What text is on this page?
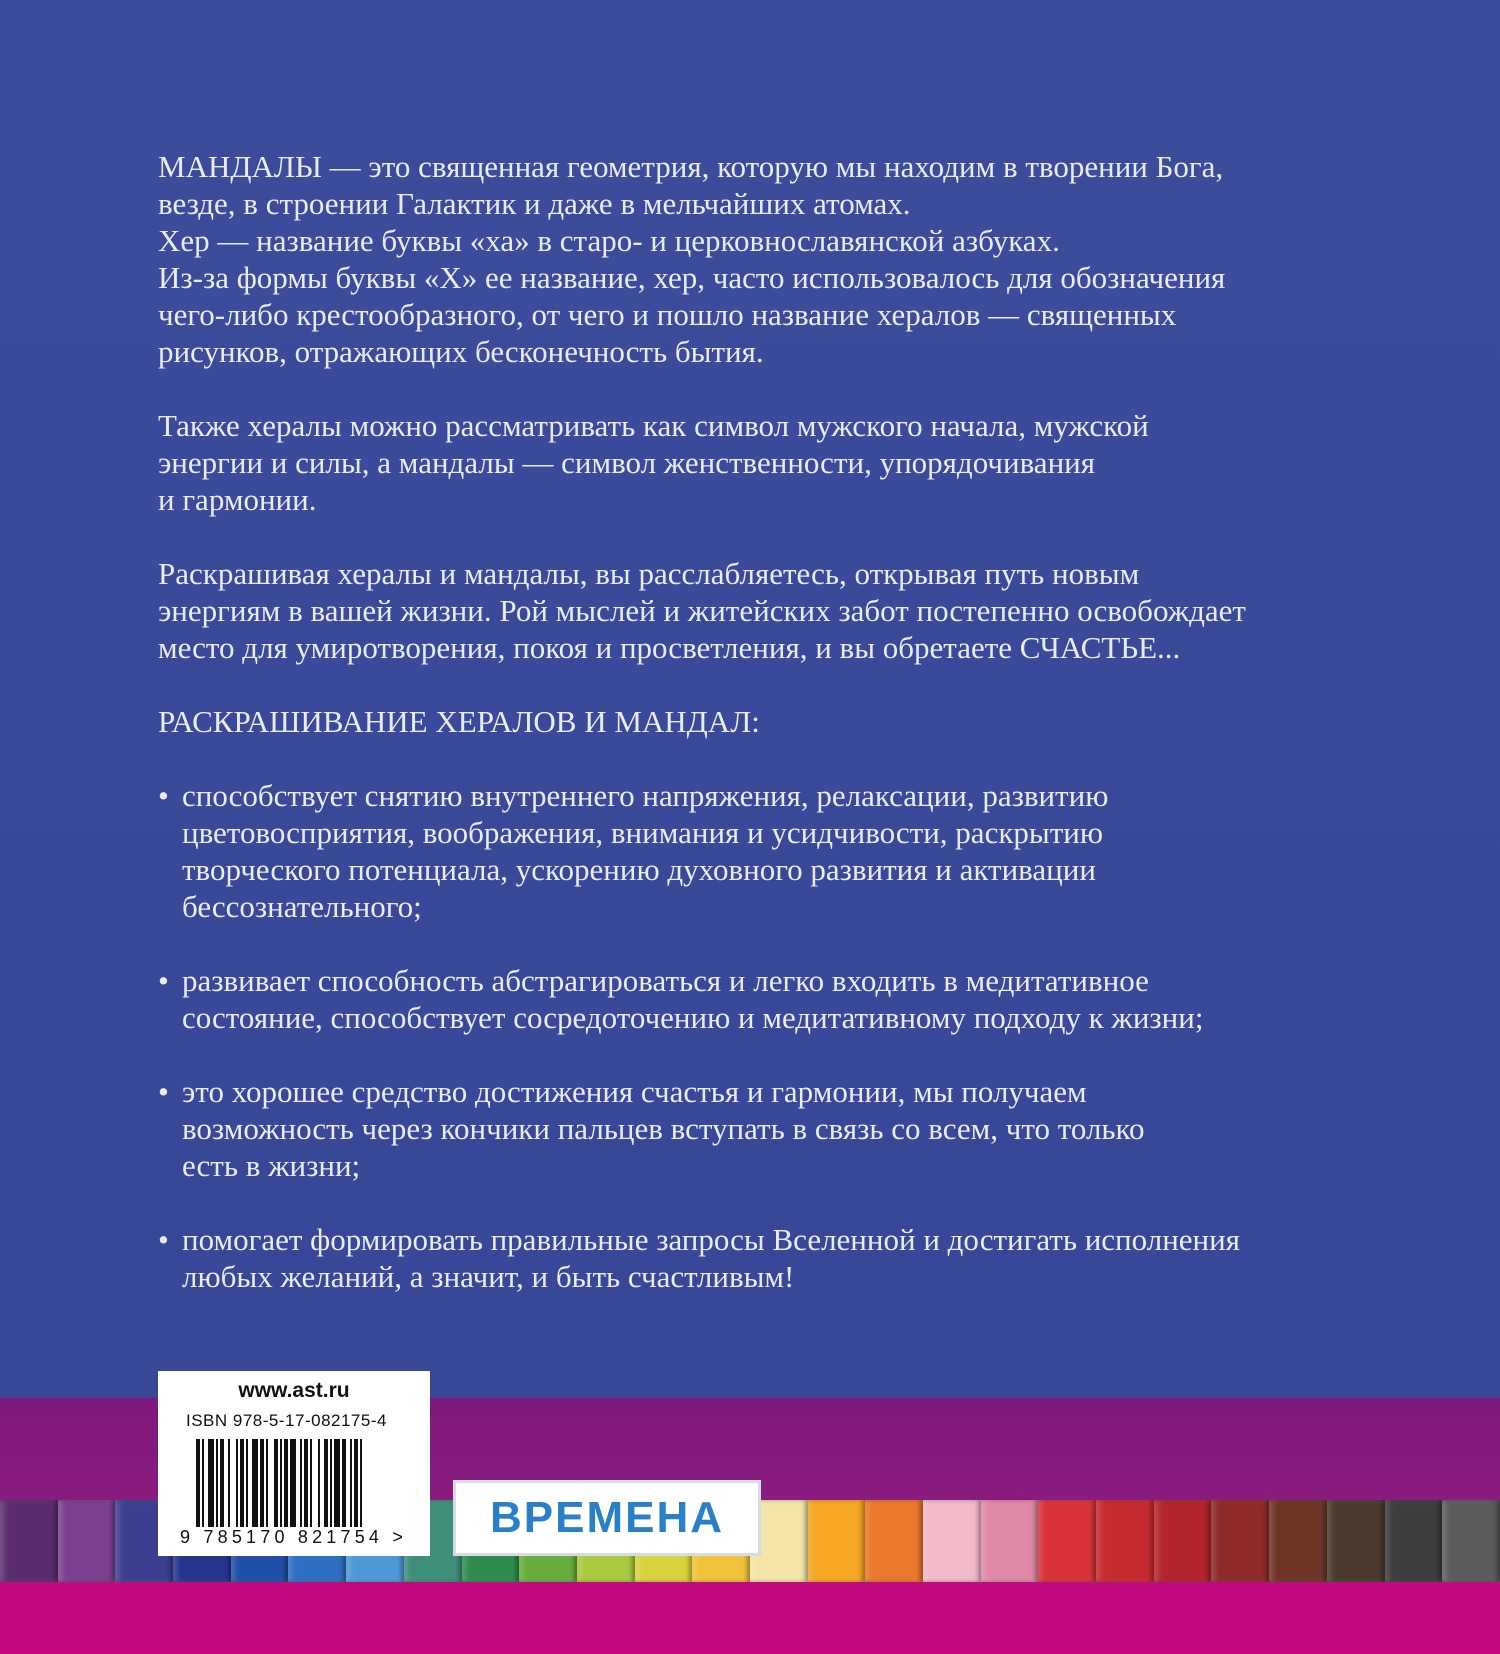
МАНДАЛЫ — это священная геометрия, которую мы находим в творении Бога,

везде, в строении Галактик и даже в мельчайших атомах.

Хер — название буквы «ха» в старо- и церковнославянской азбуках.

Из-за формы буквы «Х» ее название, хер, часто использовалось для обозначения

чего-либо крестообразного, от чего и пошло название хералов — священных

рисунков, отражающих бесконечность бытия.

Также хералы можно рассматривать как символ мужского начала, мужской

энергии и силы, а мандалы — символ женственности, упорядочивания

и гармонии.

Раскрашивая хералы и мандалы, вы расслабляетесь, открывая путь новым

энергиям в вашей жизни. Рой мыслей и житейских забот постепенно освобождает

место для умиротворения, покоя и просветления, и вы обретаете СЧАСТЬЕ...

РАСКРАШИВАНИЕ ХЕРАЛОВ И МАНДАЛ:

• способствует снятию внутреннего напряжения, релаксации, развитию
цветовосприятия, воображения, внимания и усидчивости, раскрытию
творческого потенциала, ускорению духовного развития и активации
бессознательного;
• развивает способность абстрагироваться и легко входить в медитативное
состояние, способствует сосредоточению и медитативному подходу к жизни;
• это хорошее средство достижения счастья и гармонии, мы получаем
возможность через кончики пальцев вступать в связь со всем, что только
есть в жизни;
• помогает формировать правильные запросы Вселенной и достигать исполнения
любых желаний, а значит, и быть счастливым!
www.ast.ru
ISBN 978-5-17-082175-4
9 785170 821754 > ВРЕМЕНА
